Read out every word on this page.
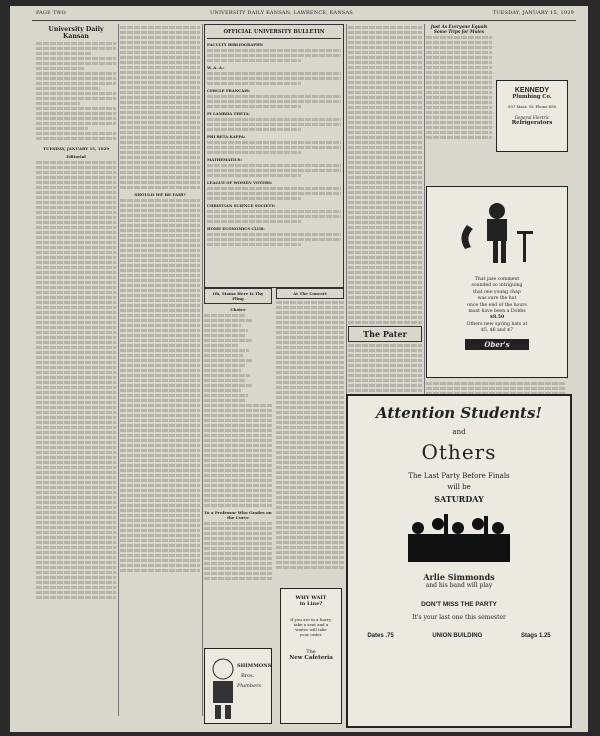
PAGE TWO	UNIVERSITY DAILY KANSAN, LAWRENCE, KANSAS	TUESDAY, JANUARY 15, 1929
University Daily Kansan
TUESDAY, JANUARY 15, 1929
Editorial
SHOULD WE BE FAIR?
OFFICIAL UNIVERSITY BULLETIN
FACULTY BIBLIOGRAPHY:
W. A. A.:
CERCLE FRANCAIS:
PI LAMBDA THETA:
PHI BETA KAPPA:
MATHEMATICS:
LEAGUE OF WOMEN VOTERS:
CHRISTIAN SCIENCE SOCIETY:
HOME ECONOMICS CLUB:
Oh, Mama Here Is Thy Fling
Choice
To a Professor Who Grades on the Curve
SHIMMONS
Bros.
Plumbers
At The Concert
WHY WAIT
in Line?
If you are in a hurry,
take a seat and a
waiter will take
your order.
The
New Cafeteria
The Pater
Just As Everyone Equals
Some Trips for Mules
KENNEDY
Plumbing Co.
937 Mass. St. Phone 658
General Electric
Refrigerators
That jaze comment
sounded so intriguing
that one young chap
was sure the hat
once the end of the hours
must have been a Dobbs
$8.50
Others new spring hats at
$5, $6 and $7
Ober's
Attention Students!
and
Others
The Last Party Before Finals
will be
SATURDAY
Arlie Simmonds
and his band will play
DON'T MISS THE PARTY
It's your last one this semester
Dates .75	UNION BUILDING	Stags 1.25
